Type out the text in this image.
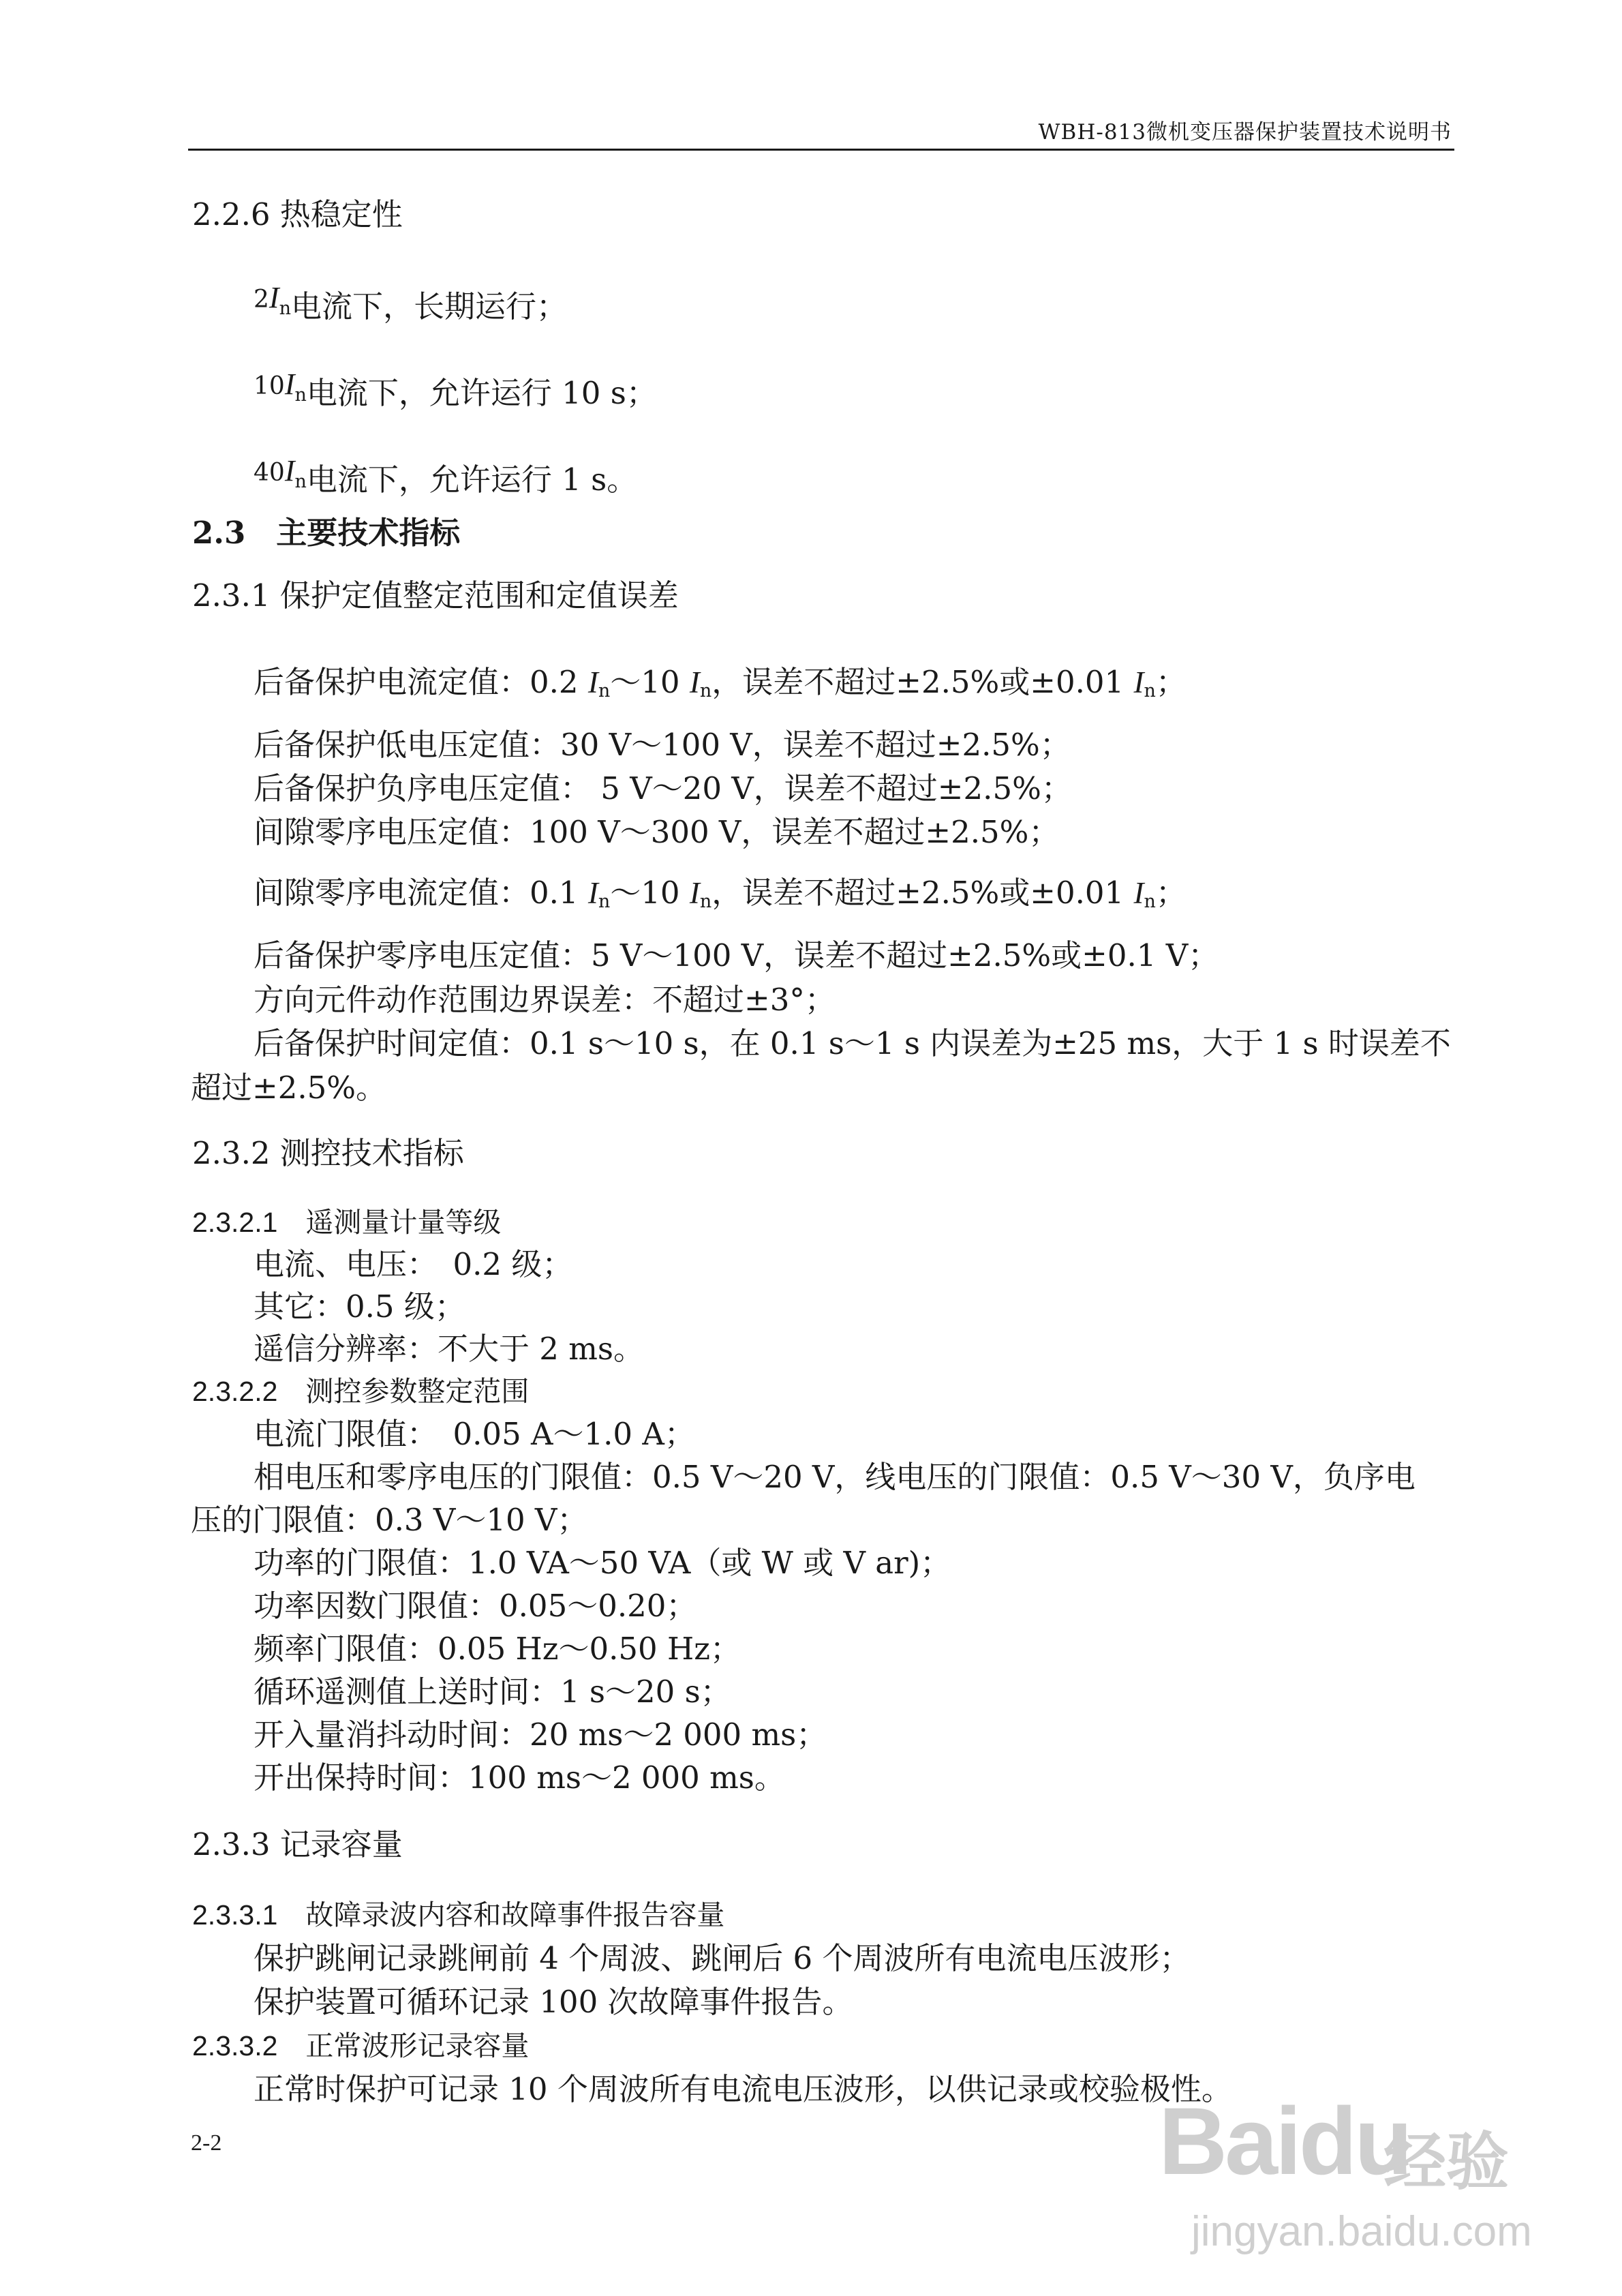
WBH-813微机变压器保护装置技术说明书
2.2.6 热稳定性
$^2$In电流下，长期运行；
$^{10}$In电流下，允许运行 10 s；
$^{40}$In电流下，允许运行 1 s。
2.3　主要技术指标
2.3.1 保护定值整定范围和定值误差
后备保护电流定值：0.2 $I_n\sim 10$ $I_n$，误差不超过±2.5%或±0.01 $I_n$；
后备保护低电压定值：30 V～100 V，误差不超过±2.5%；
后备保护负序电压定值： 5 V～20 V，误差不超过±2.5%；
间隙零序电压定值：100 V～300 V，误差不超过±2.5%；
间隙零序电流定值：0.1 $I_n\sim 10$ $I_n$，误差不超过±2.5%或±0.01 $I_n$；
后备保护零序电压定值：5 V～100 V，误差不超过±2.5%或±0.1 V；
方向元件动作范围边界误差：不超过±3°；
后备保护时间定值：0.1 s～10 s，在 0.1 s～1 s 内误差为±25 ms，大于 1 s 时误差不
超过±2.5%。
2.3.2 测控技术指标
2.3.2.1　遥测量计量等级
电流、电压：　0.2 级；
其它：0.5 级；
遥信分辨率：不大于 2 ms。
2.3.2.2　测控参数整定范围
电流门限值：　0.05 A～1.0 A；
相电压和零序电压的门限值：0.5 V～20 V，线电压的门限值：0.5 V～30 V，负序电
压的门限值：0.3 V～10 V；
功率的门限值：1.0 VA～50 VA（或 W 或 V ar)；
功率因数门限值：0.05～0.20；
频率门限值：0.05 Hz～0.50 Hz；
循环遥测值上送时间：1 s～20 s；
开入量消抖动时间：20 ms～2 000 ms；
开出保持时间：100 ms～2 000 ms。
2.3.3 记录容量
2.3.3.1　故障录波内容和故障事件报告容量
保护跳闸记录跳闸前 4 个周波、跳闸后 6 个周波所有电流电压波形；
保护装置可循环记录 100 次故障事件报告。
2.3.3.2　正常波形记录容量
正常时保护可记录 10 个周波所有电流电压波形，以供记录或校验极性。
2-2	Baidu
经验
jingyan.baidu.com
